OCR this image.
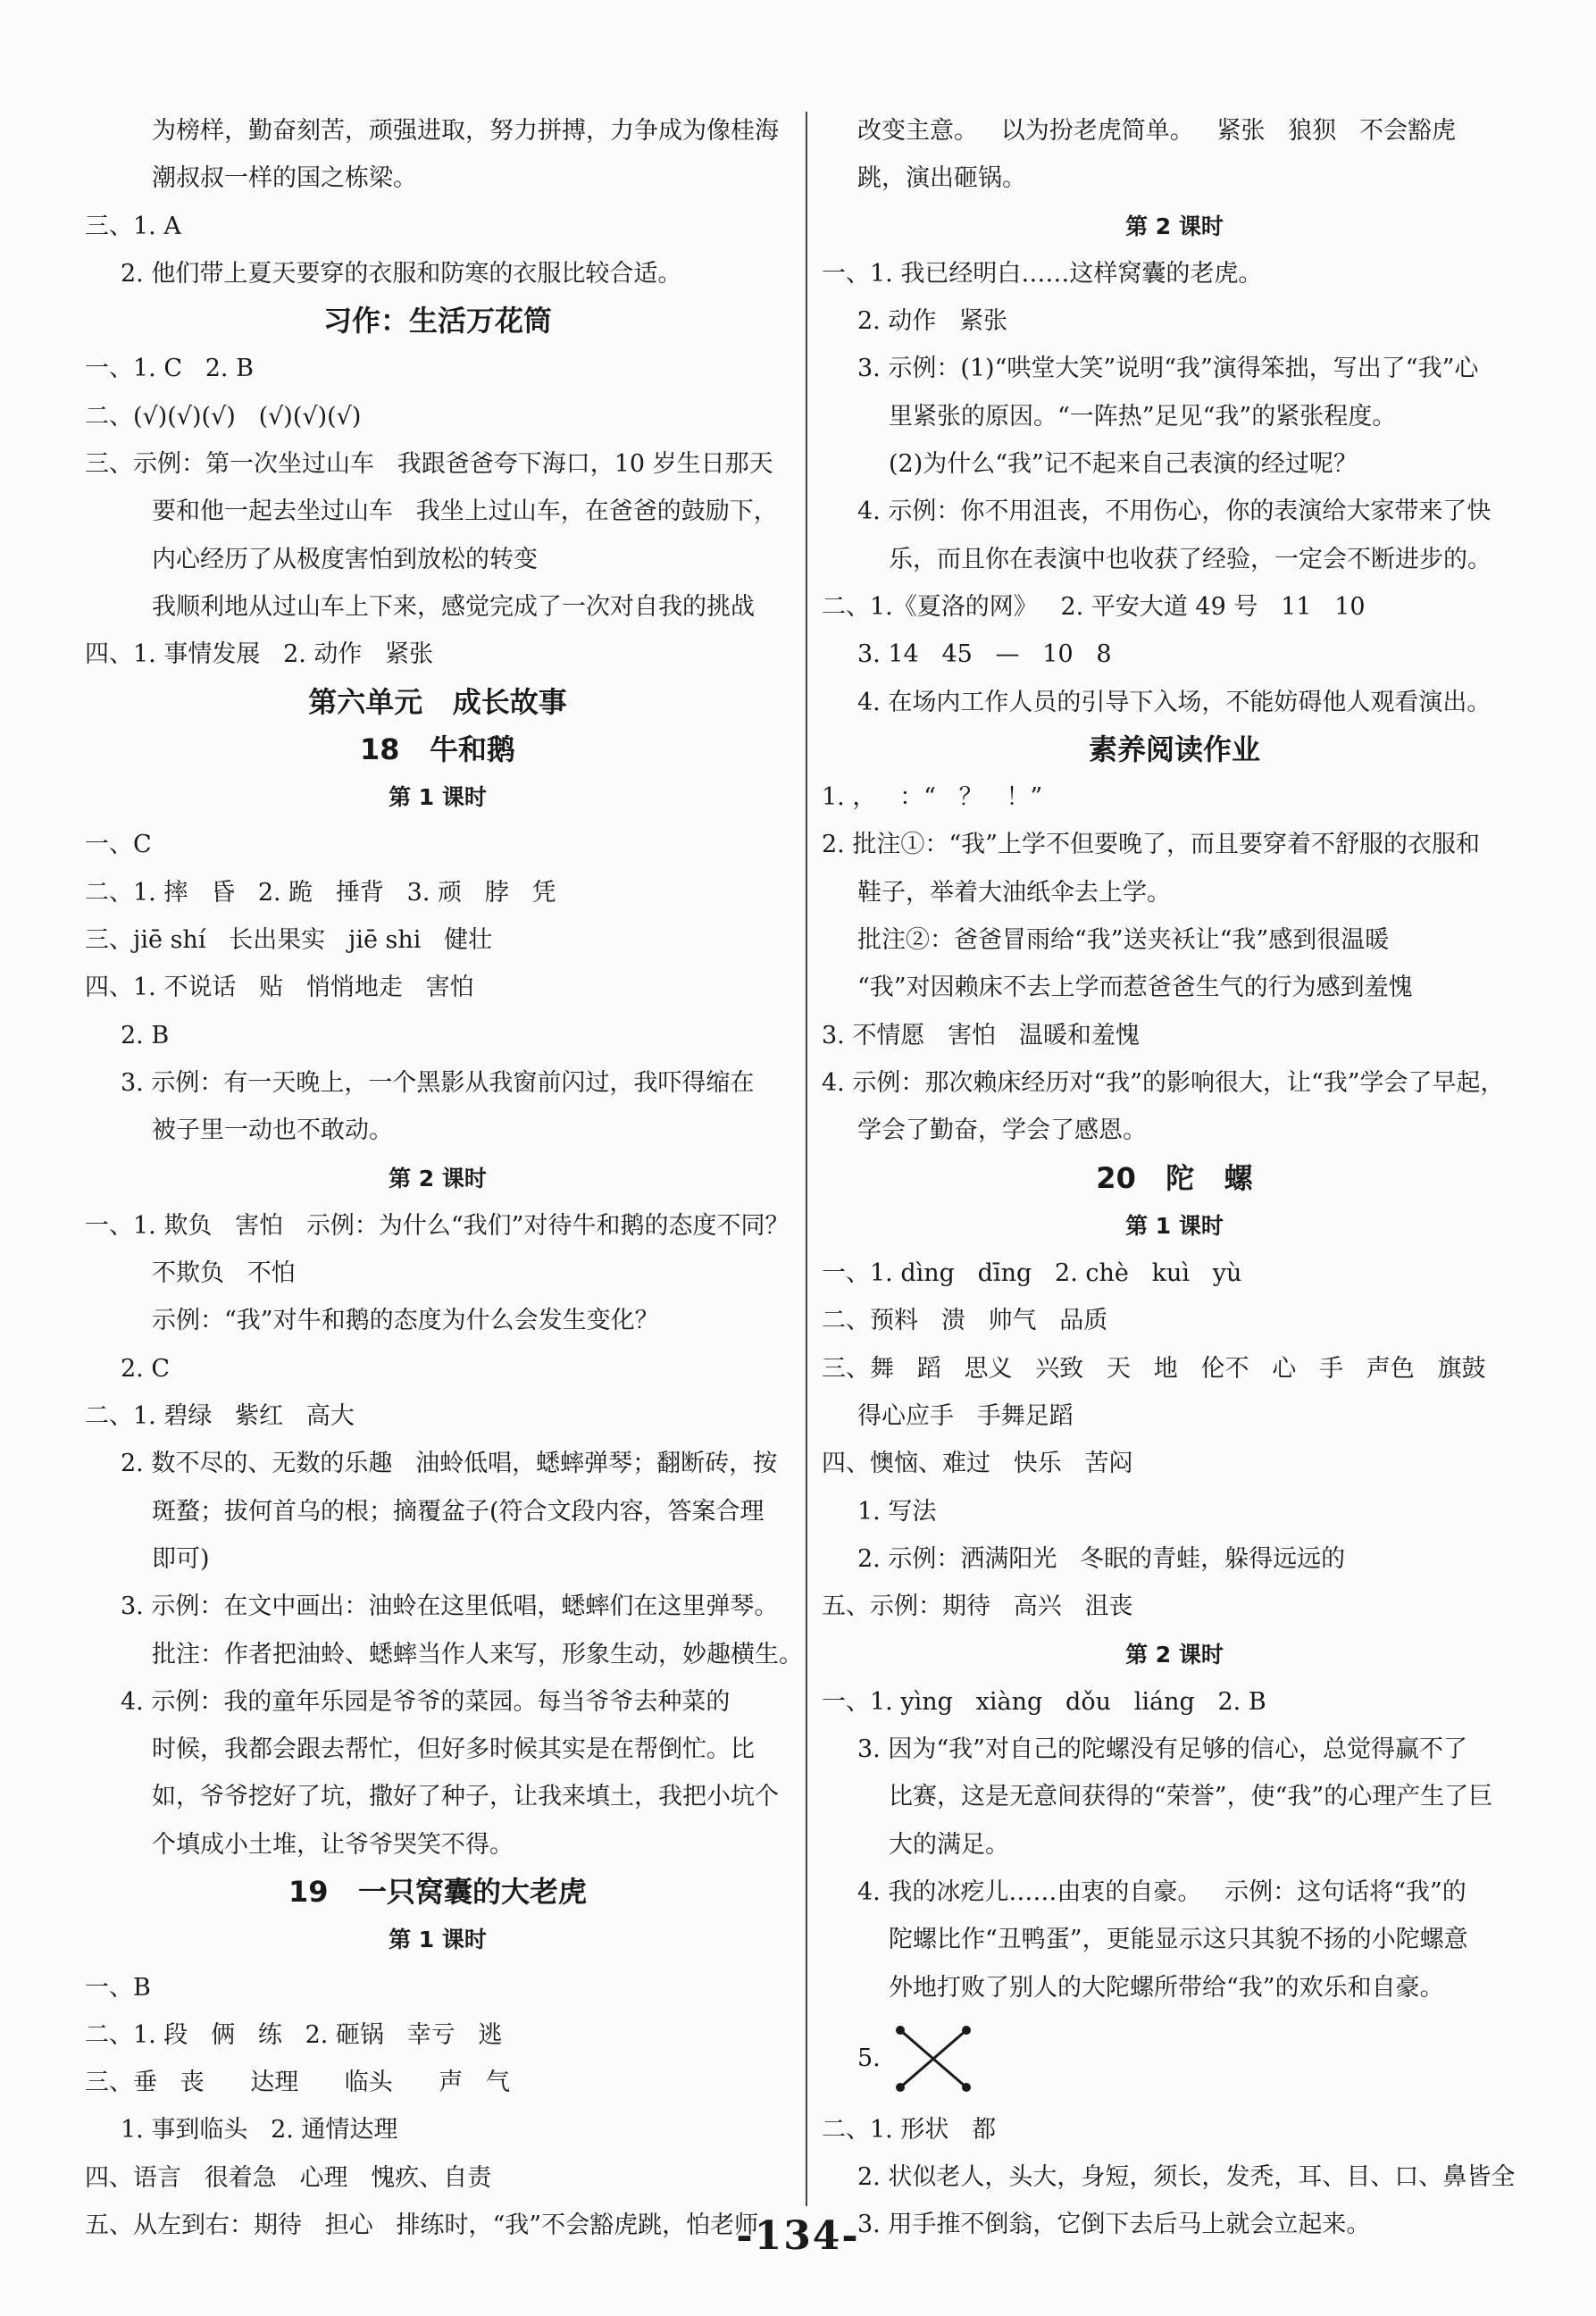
为榜样，勤奋刻苦，顽强进取，努力拼搏，力争成为像桂海
潮叔叔一样的国之栋梁。
三、1. A
2. 他们带上夏天要穿的衣服和防寒的衣服比较合适。
习作：生活万花筒
一、1. C   2. B
二、(√)(√)(√)   (√)(√)(√)
三、示例：第一次坐过山车   我跟爸爸夸下海口，10 岁生日那天
要和他一起去坐过山车   我坐上过山车，在爸爸的鼓励下，
内心经历了从极度害怕到放松的转变
我顺利地从过山车上下来，感觉完成了一次对自我的挑战
四、1. 事情发展   2. 动作   紧张
第六单元   成长故事
18   牛和鹅
第 1 课时
一、C
二、1. 摔   昏   2. 跪   捶背   3. 顽   脖   凭
三、jiē shí   长出果实   jiē shi   健壮
四、1. 不说话   贴   悄悄地走   害怕
2. B
3. 示例：有一天晚上，一个黑影从我窗前闪过，我吓得缩在
被子里一动也不敢动。
第 2 课时
一、1. 欺负   害怕   示例：为什么“我们”对待牛和鹅的态度不同？
不欺负   不怕
示例：“我”对牛和鹅的态度为什么会发生变化？
2. C
二、1. 碧绿   紫红   高大
2. 数不尽的、无数的乐趣   油蛉低唱，蟋蟀弹琴；翻断砖，按
斑蝥；拔何首乌的根；摘覆盆子(符合文段内容，答案合理
即可)
3. 示例：在文中画出：油蛉在这里低唱，蟋蟀们在这里弹琴。
批注：作者把油蛉、蟋蟀当作人来写，形象生动，妙趣横生。
4. 示例：我的童年乐园是爷爷的菜园。每当爷爷去种菜的
时候，我都会跟去帮忙，但好多时候其实是在帮倒忙。比
如，爷爷挖好了坑，撒好了种子，让我来填土，我把小坑个
个填成小土堆，让爷爷哭笑不得。
19   一只窝囊的大老虎
第 1 课时
一、B
二、1. 段   俩   练   2. 砸锅   幸亏   逃
三、垂   丧      达理      临头      声   气
1. 事到临头   2. 通情达理
四、语言   很着急   心理   愧疚、自责
五、从左到右：期待   担心   排练时，“我”不会豁虎跳，怕老师
改变主意。   以为扮老虎简单。   紧张   狼狈   不会豁虎
跳，演出砸锅。
第 2 课时
一、1. 我已经明白……这样窝囊的老虎。
2. 动作   紧张
3. 示例：(1)“哄堂大笑”说明“我”演得笨拙，写出了“我”心
里紧张的原因。“一阵热”足见“我”的紧张程度。
(2)为什么“我”记不起来自己表演的经过呢？
4. 示例：你不用沮丧，不用伤心，你的表演给大家带来了快
乐，而且你在表演中也收获了经验，一定会不断进步的。
二、1.《夏洛的网》   2. 平安大道 49 号   11   10
3. 14   45   —   10   8
4. 在场内工作人员的引导下入场，不能妨碍他人观看演出。
素养阅读作业
1. ，   ：“   ？   ！”
2. 批注①：“我”上学不但要晚了，而且要穿着不舒服的衣服和
鞋子，举着大油纸伞去上学。
批注②：爸爸冒雨给“我”送夹袄让“我”感到很温暖
“我”对因赖床不去上学而惹爸爸生气的行为感到羞愧
3. 不情愿   害怕   温暖和羞愧
4. 示例：那次赖床经历对“我”的影响很大，让“我”学会了早起，
学会了勤奋，学会了感恩。
20   陀   螺
第 1 课时
一、1. dìng   dīng   2. chè   kuì   yù
二、预料   溃   帅气   品质
三、舞   蹈   思义   兴致   天   地   伦不   心   手   声色   旗鼓
得心应手   手舞足蹈
四、懊恼、难过   快乐   苦闷
1. 写法
2. 示例：洒满阳光   冬眠的青蛙，躲得远远的
五、示例：期待   高兴   沮丧
第 2 课时
一、1. yìng   xiàng   dǒu   liáng   2. B
3. 因为“我”对自己的陀螺没有足够的信心，总觉得赢不了
比赛，这是无意间获得的“荣誉”，使“我”的心理产生了巨
大的满足。
4. 我的冰疙儿……由衷的自豪。   示例：这句话将“我”的
陀螺比作“丑鸭蛋”，更能显示这只其貌不扬的小陀螺意
外地打败了别人的大陀螺所带给“我”的欢乐和自豪。
5.
二、1. 形状   都
2. 状似老人，头大，身短，须长，发秃，耳、目、口、鼻皆全
3. 用手推不倒翁，它倒下去后马上就会立起来。
-134-
